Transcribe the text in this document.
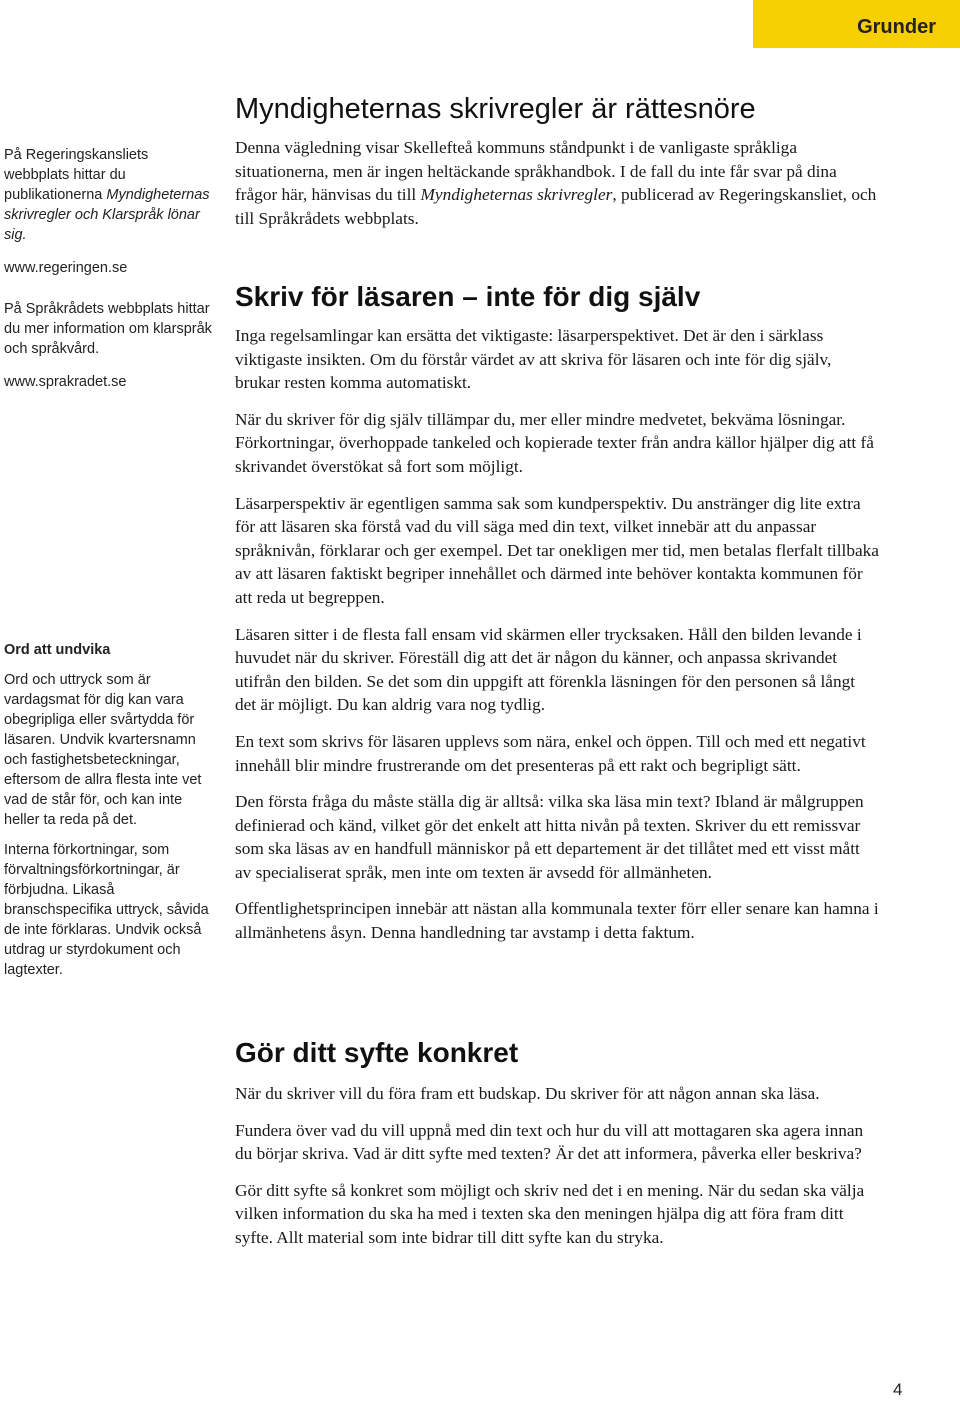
Grunder

På Regeringskansliets webbplats hittar du publikationerna Myndigheternas skrivregler och Klarspråk lönar sig.

www.regeringen.se

På Språkrådets webbplats hittar du mer information om klarspråk och språkvård.

www.sprakradet.se

Ord att undvika

Ord och uttryck som är vardagsmat för dig kan vara obegripliga eller svårtydda för läsaren. Undvik kvartersnamn och fastighetsbeteckningar, eftersom de allra flesta inte vet vad de står för, och kan inte heller ta reda på det.

Interna förkortningar, som förvaltningsförkortningar, är förbjudna. Likaså branschspecifika uttryck, såvida de inte förklaras. Undvik också utdrag ur styrdokument och lagtexter.

Myndigheternas skrivregler är rättesnöre

Denna vägledning visar Skellefteå kommuns ståndpunkt i de vanligaste språkliga situationerna, men är ingen heltäckande språkhandbok. I de fall du inte får svar på dina frågor här, hänvisas du till Myndigheternas skrivregler, publicerad av Regeringskansliet, och till Språkrådets webbplats.

Skriv för läsaren – inte för dig själv

Inga regelsamlingar kan ersätta det viktigaste: läsarperspektivet. Det är den i särklass viktigaste insikten. Om du förstår värdet av att skriva för läsaren och inte för dig själv, brukar resten komma automatiskt.

När du skriver för dig själv tillämpar du, mer eller mindre medvetet, bekväma lösningar. Förkortningar, överhoppade tankeled och kopierade texter från andra källor hjälper dig att få skrivandet överstökat så fort som möjligt.

Läsarperspektiv är egentligen samma sak som kundperspektiv. Du anstränger dig lite extra för att läsaren ska förstå vad du vill säga med din text, vilket innebär att du anpassar språknivån, förklarar och ger exempel. Det tar onekligen mer tid, men betalas flerfalt tillbaka av att läsaren faktiskt begriper innehållet och därmed inte behöver kontakta kommunen för att reda ut begreppen.

Läsaren sitter i de flesta fall ensam vid skärmen eller trycksaken. Håll den bilden levande i huvudet när du skriver. Föreställ dig att det är någon du känner, och anpassa skrivandet utifrån den bilden. Se det som din uppgift att förenkla läsningen för den personen så långt det är möjligt. Du kan aldrig vara nog tydlig.

En text som skrivs för läsaren upplevs som nära, enkel och öppen. Till och med ett negativt innehåll blir mindre frustrerande om det presenteras på ett rakt och begripligt sätt.

Den första fråga du måste ställa dig är alltså: vilka ska läsa min text? Ibland är målgruppen definierad och känd, vilket gör det enkelt att hitta nivån på texten. Skriver du ett remissvar som ska läsas av en handfull människor på ett departement är det tillåtet med ett visst mått av specialiserat språk, men inte om texten är avsedd för allmänheten.

Offentlighetsprincipen innebär att nästan alla kommunala texter förr eller senare kan hamna i allmänhetens åsyn. Denna handledning tar avstamp i detta faktum.

Gör ditt syfte konkret

När du skriver vill du föra fram ett budskap. Du skriver för att någon annan ska läsa.

Fundera över vad du vill uppnå med din text och hur du vill att mottagaren ska agera innan du börjar skriva. Vad är ditt syfte med texten? Är det att informera, påverka eller beskriva?

Gör ditt syfte så konkret som möjligt och skriv ned det i en mening. När du sedan ska välja vilken information du ska ha med i texten ska den meningen hjälpa dig att föra fram ditt syfte. Allt material som inte bidrar till ditt syfte kan du stryka.

4
